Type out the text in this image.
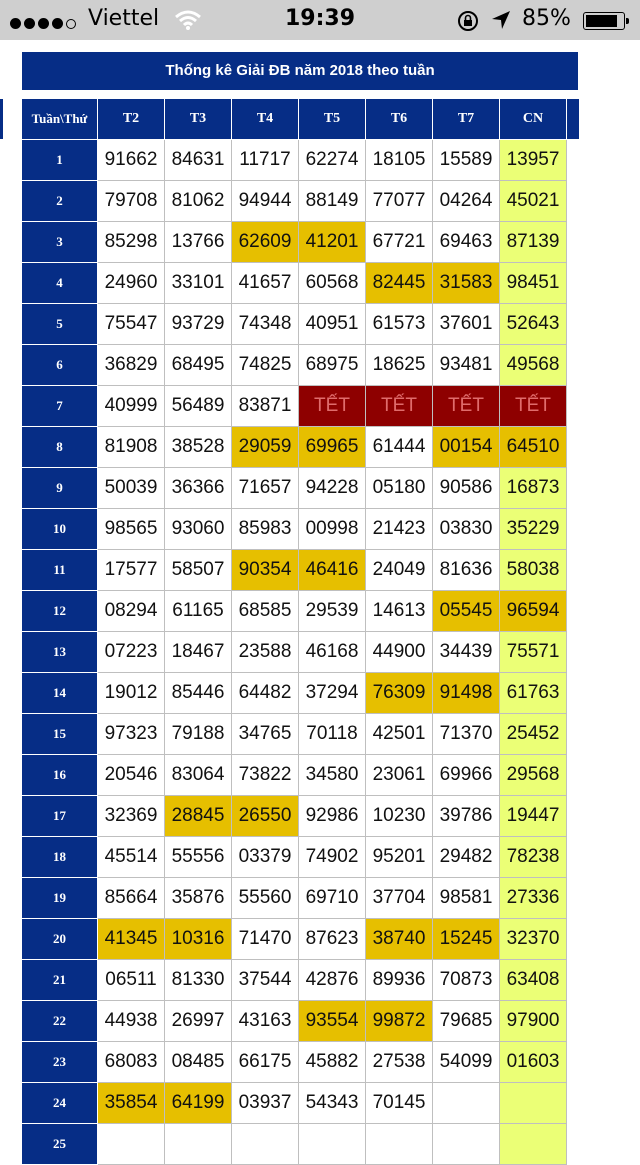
Viettel	19:39	85%
Thống kê Giải ĐB năm 2018 theo tuần
Tuần\Thứ	T2	T3	T4	T5	T6	T7	CN
1	91662	84631	11717	62274	18105	15589	13957
2	79708	81062	94944	88149	77077	04264	45021
3	85298	13766	62609	41201	67721	69463	87139
4	24960	33101	41657	60568	82445	31583	98451
5	75547	93729	74348	40951	61573	37601	52643
6	36829	68495	74825	68975	18625	93481	49568
7	40999	56489	83871	TẾT	TẾT	TẾT	TẾT
8	81908	38528	29059	69965	61444	00154	64510
9	50039	36366	71657	94228	05180	90586	16873
10	98565	93060	85983	00998	21423	03830	35229
11	17577	58507	90354	46416	24049	81636	58038
12	08294	61165	68585	29539	14613	05545	96594
13	07223	18467	23588	46168	44900	34439	75571
14	19012	85446	64482	37294	76309	91498	61763
15	97323	79188	34765	70118	42501	71370	25452
16	20546	83064	73822	34580	23061	69966	29568
17	32369	28845	26550	92986	10230	39786	19447
18	45514	55556	03379	74902	95201	29482	78238
19	85664	35876	55560	69710	37704	98581	27336
20	41345	10316	71470	87623	38740	15245	32370
21	06511	81330	37544	42876	89936	70873	63408
22	44938	26997	43163	93554	99872	79685	97900
23	68083	08485	66175	45882	27538	54099	01603
24	35854	64199	03937	54343	70145		
25							
